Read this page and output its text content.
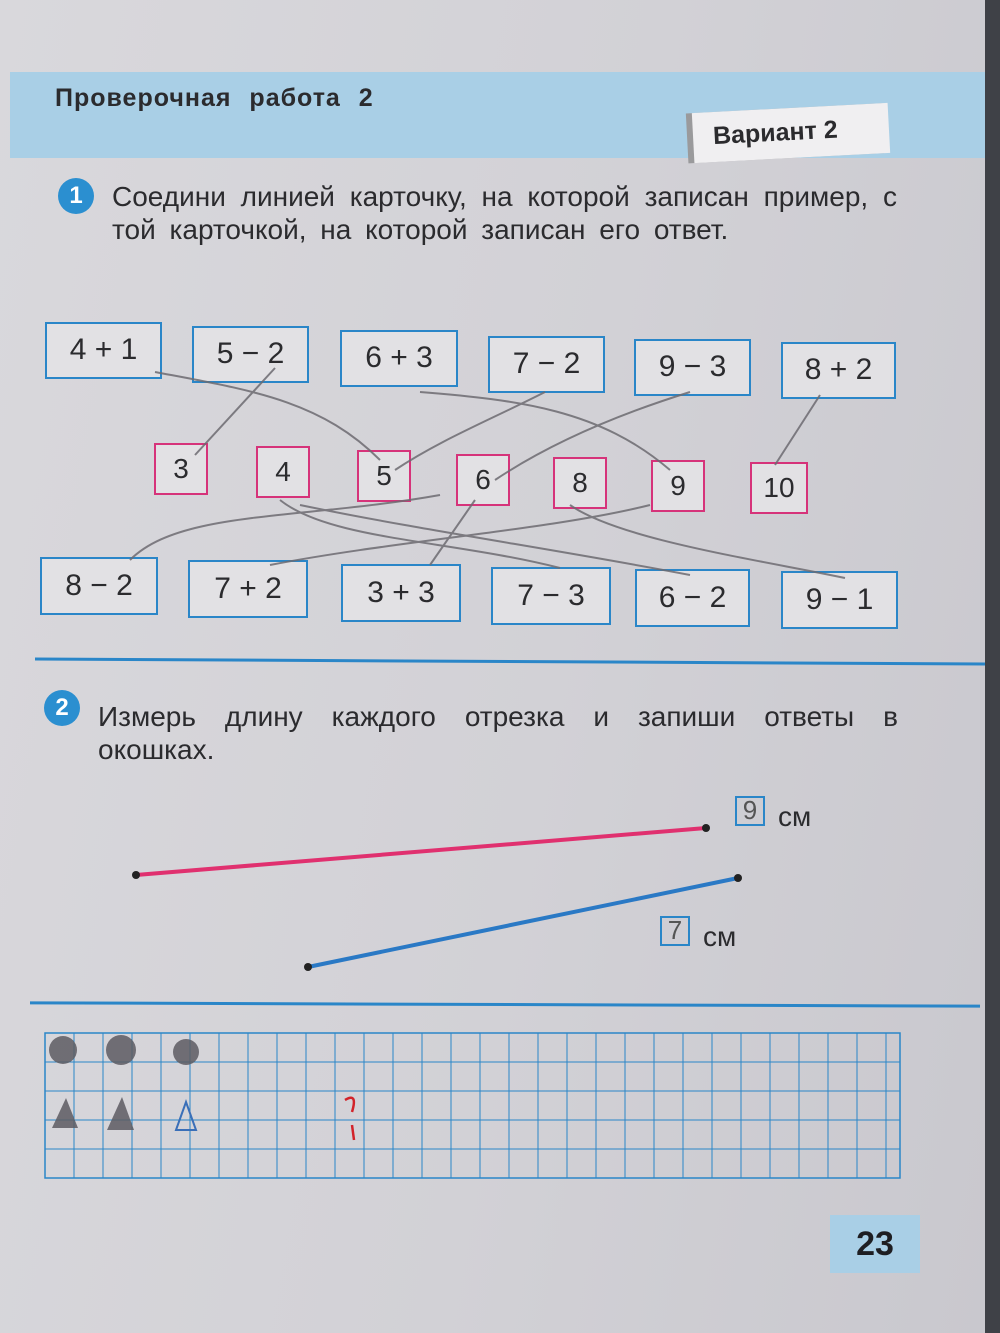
Проверочная работа 2
Вариант 2
1	Соедини линией карточку, на которой записан пример, с той карточкой, на которой записан его ответ.
4 + 1	5 − 2	6 + 3	7 − 2	9 − 3	8 + 2
3	4	5	6	8	9	10
8 − 2	7 + 2	3 + 3	7 − 3	6 − 2	9 − 1
2	Измерь длину каждого отрезка и запиши ответы в окошках.
9 см
7 см
23
